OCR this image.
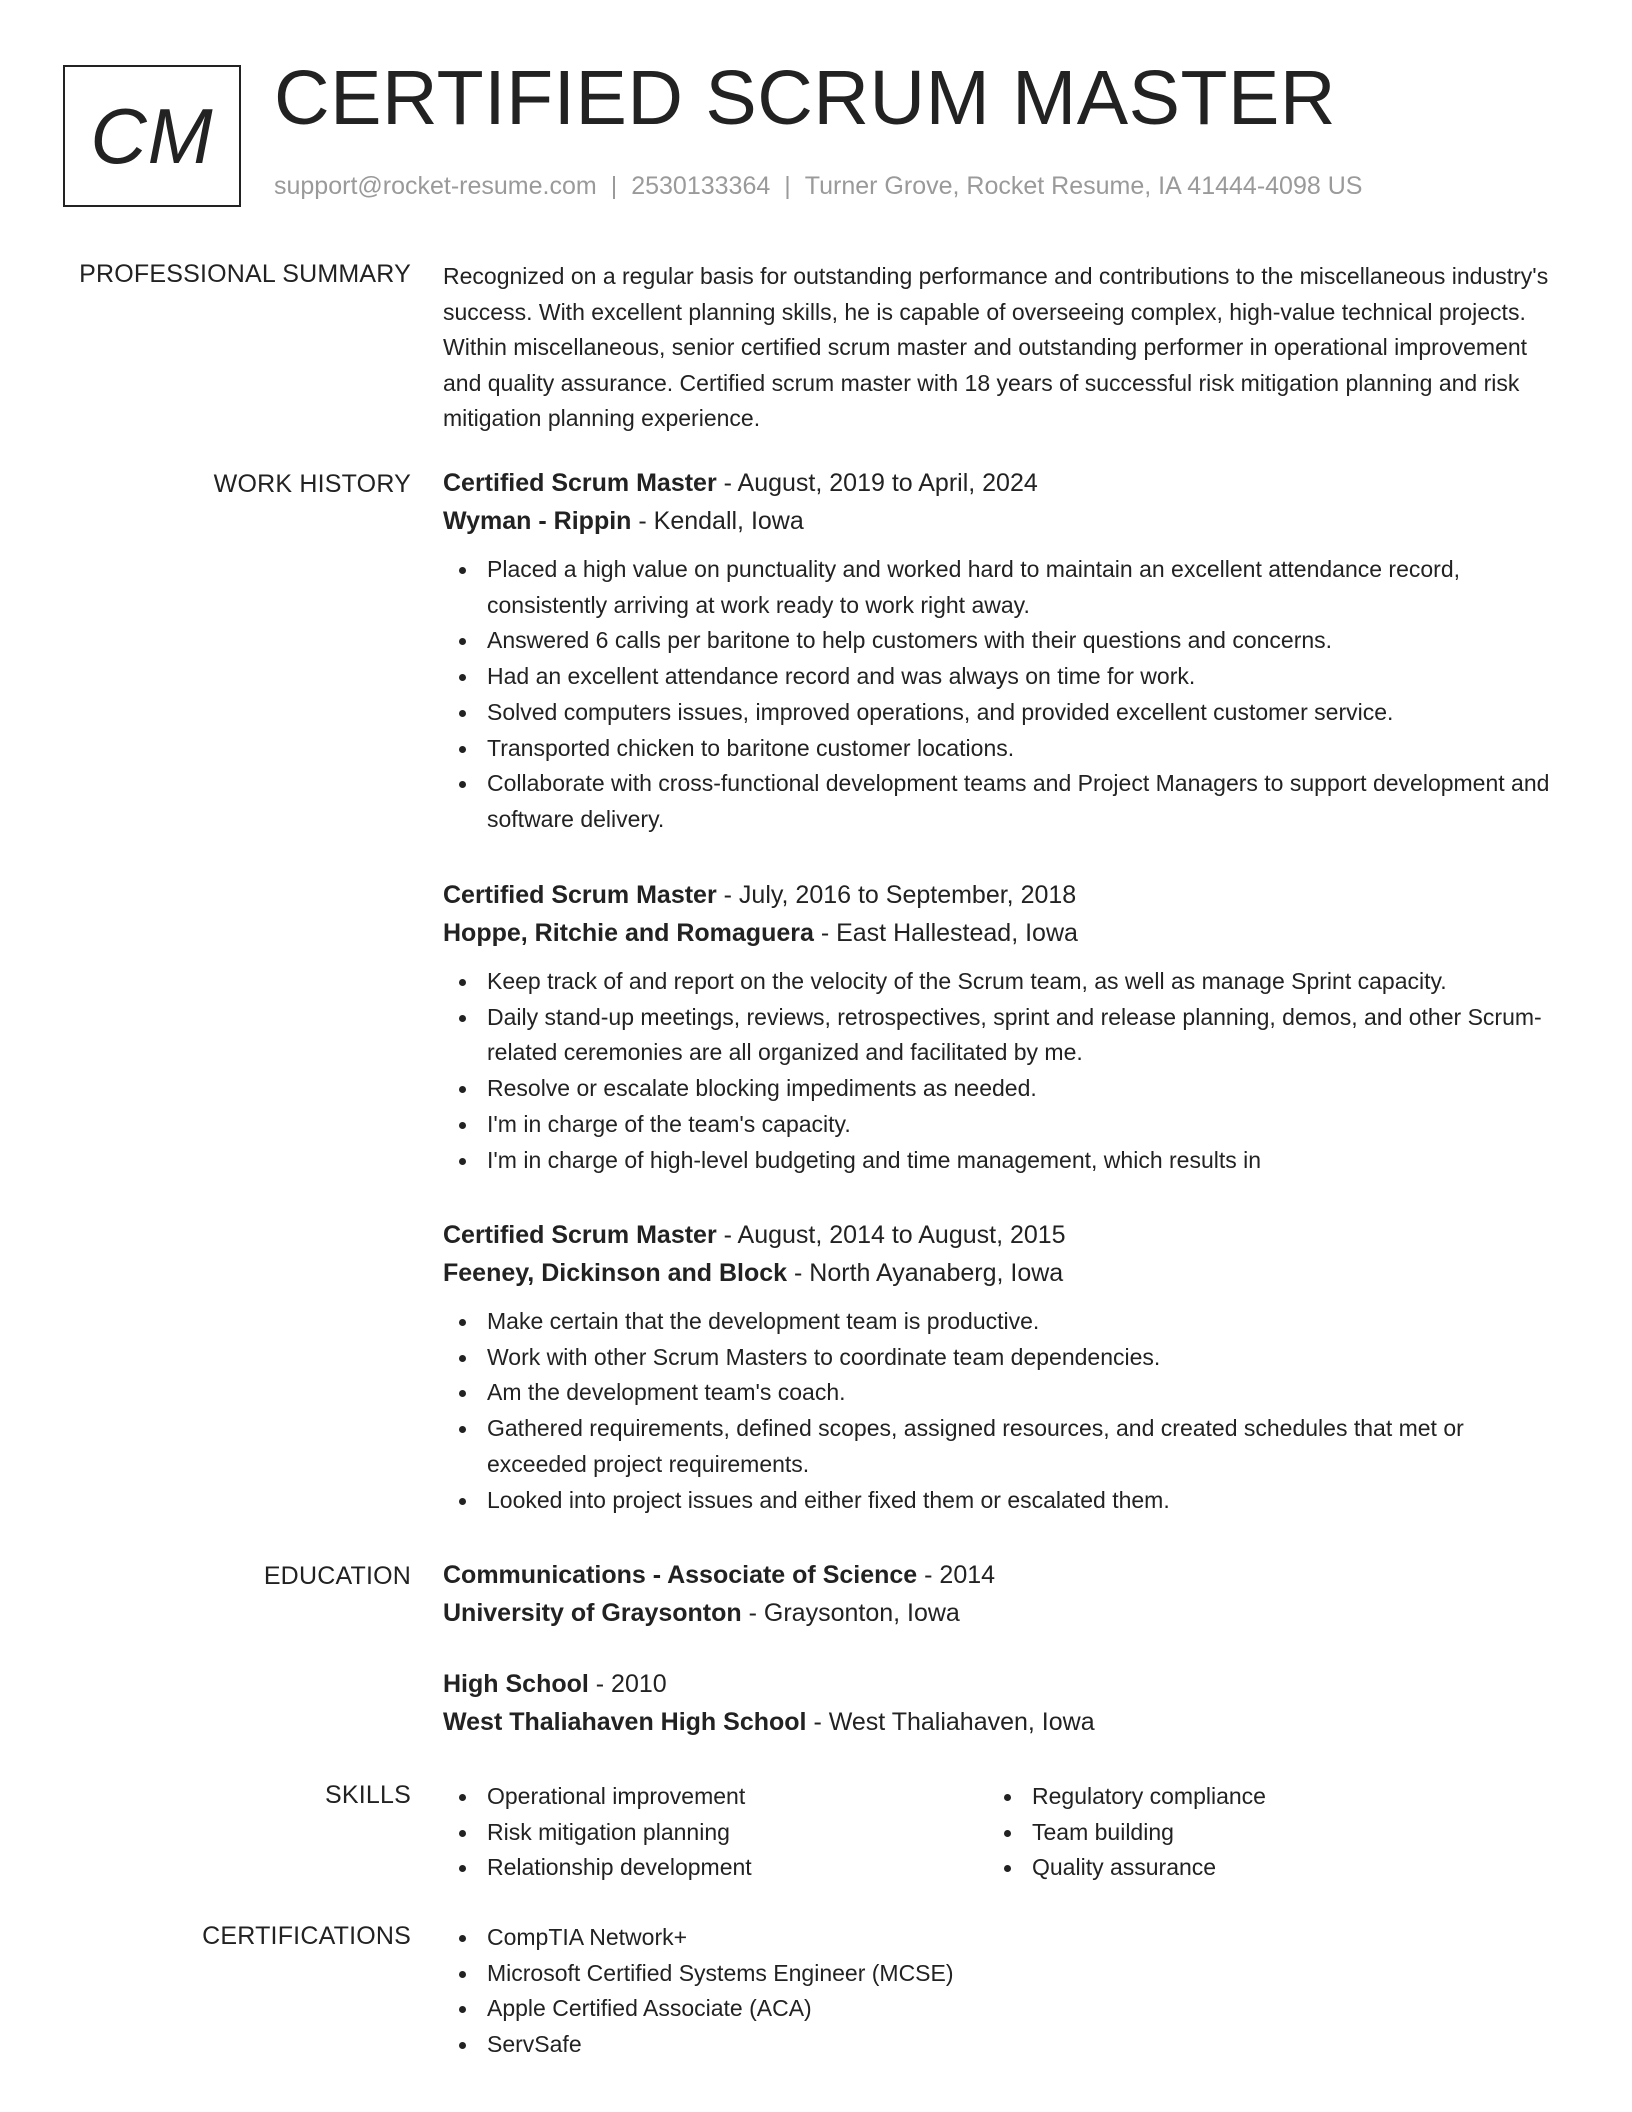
CM CERTIFIED SCRUM MASTER
support@rocket-resume.com | 2530133364 | Turner Grove, Rocket Resume, IA 41444-4098 US
PROFESSIONAL SUMMARY Recognized on a regular basis for outstanding performance and contributions to the miscellaneous industry's success. With excellent planning skills, he is capable of overseeing complex, high-value technical projects. Within miscellaneous, senior certified scrum master and outstanding performer in operational improvement and quality assurance. Certified scrum master with 18 years of successful risk mitigation planning and risk mitigation planning experience.

WORK HISTORY Certified Scrum Master - August, 2019 to April, 2024

Wyman - Rippin - Kendall, Iowa

Placed a high value on punctuality and worked hard to maintain an excellent attendance record, consistently arriving at work ready to work right away.
Answered 6 calls per baritone to help customers with their questions and concerns.
Had an excellent attendance record and was always on time for work.
Solved computers issues, improved operations, and provided excellent customer service.
Transported chicken to baritone customer locations.
Collaborate with cross-functional development teams and Project Managers to support development and software delivery.

Certified Scrum Master - July, 2016 to September, 2018

Hoppe, Ritchie and Romaguera - East Hallestead, Iowa

Keep track of and report on the velocity of the Scrum team, as well as manage Sprint capacity.
Daily stand-up meetings, reviews, retrospectives, sprint and release planning, demos, and other Scrum-related ceremonies are all organized and facilitated by me.
Resolve or escalate blocking impediments as needed.
I'm in charge of the team's capacity.
I'm in charge of high-level budgeting and time management, which results in

Certified Scrum Master - August, 2014 to August, 2015

Feeney, Dickinson and Block - North Ayanaberg, Iowa

Make certain that the development team is productive.
Work with other Scrum Masters to coordinate team dependencies.
Am the development team's coach.
Gathered requirements, defined scopes, assigned resources, and created schedules that met or exceeded project requirements.
Looked into project issues and either fixed them or escalated them.
EDUCATION Communications - Associate of Science - 2014

University of Graysonton - Graysonton, Iowa

High School - 2010

West Thaliahaven High School - West Thaliahaven, Iowa

SKILLS	Operational improvement
Risk mitigation planning
Relationship development
Regulatory compliance
Team building
Quality assurance
CERTIFICATIONS	CompTIA Network+
Microsoft Certified Systems Engineer (MCSE)
Apple Certified Associate (ACA)
ServSafe
